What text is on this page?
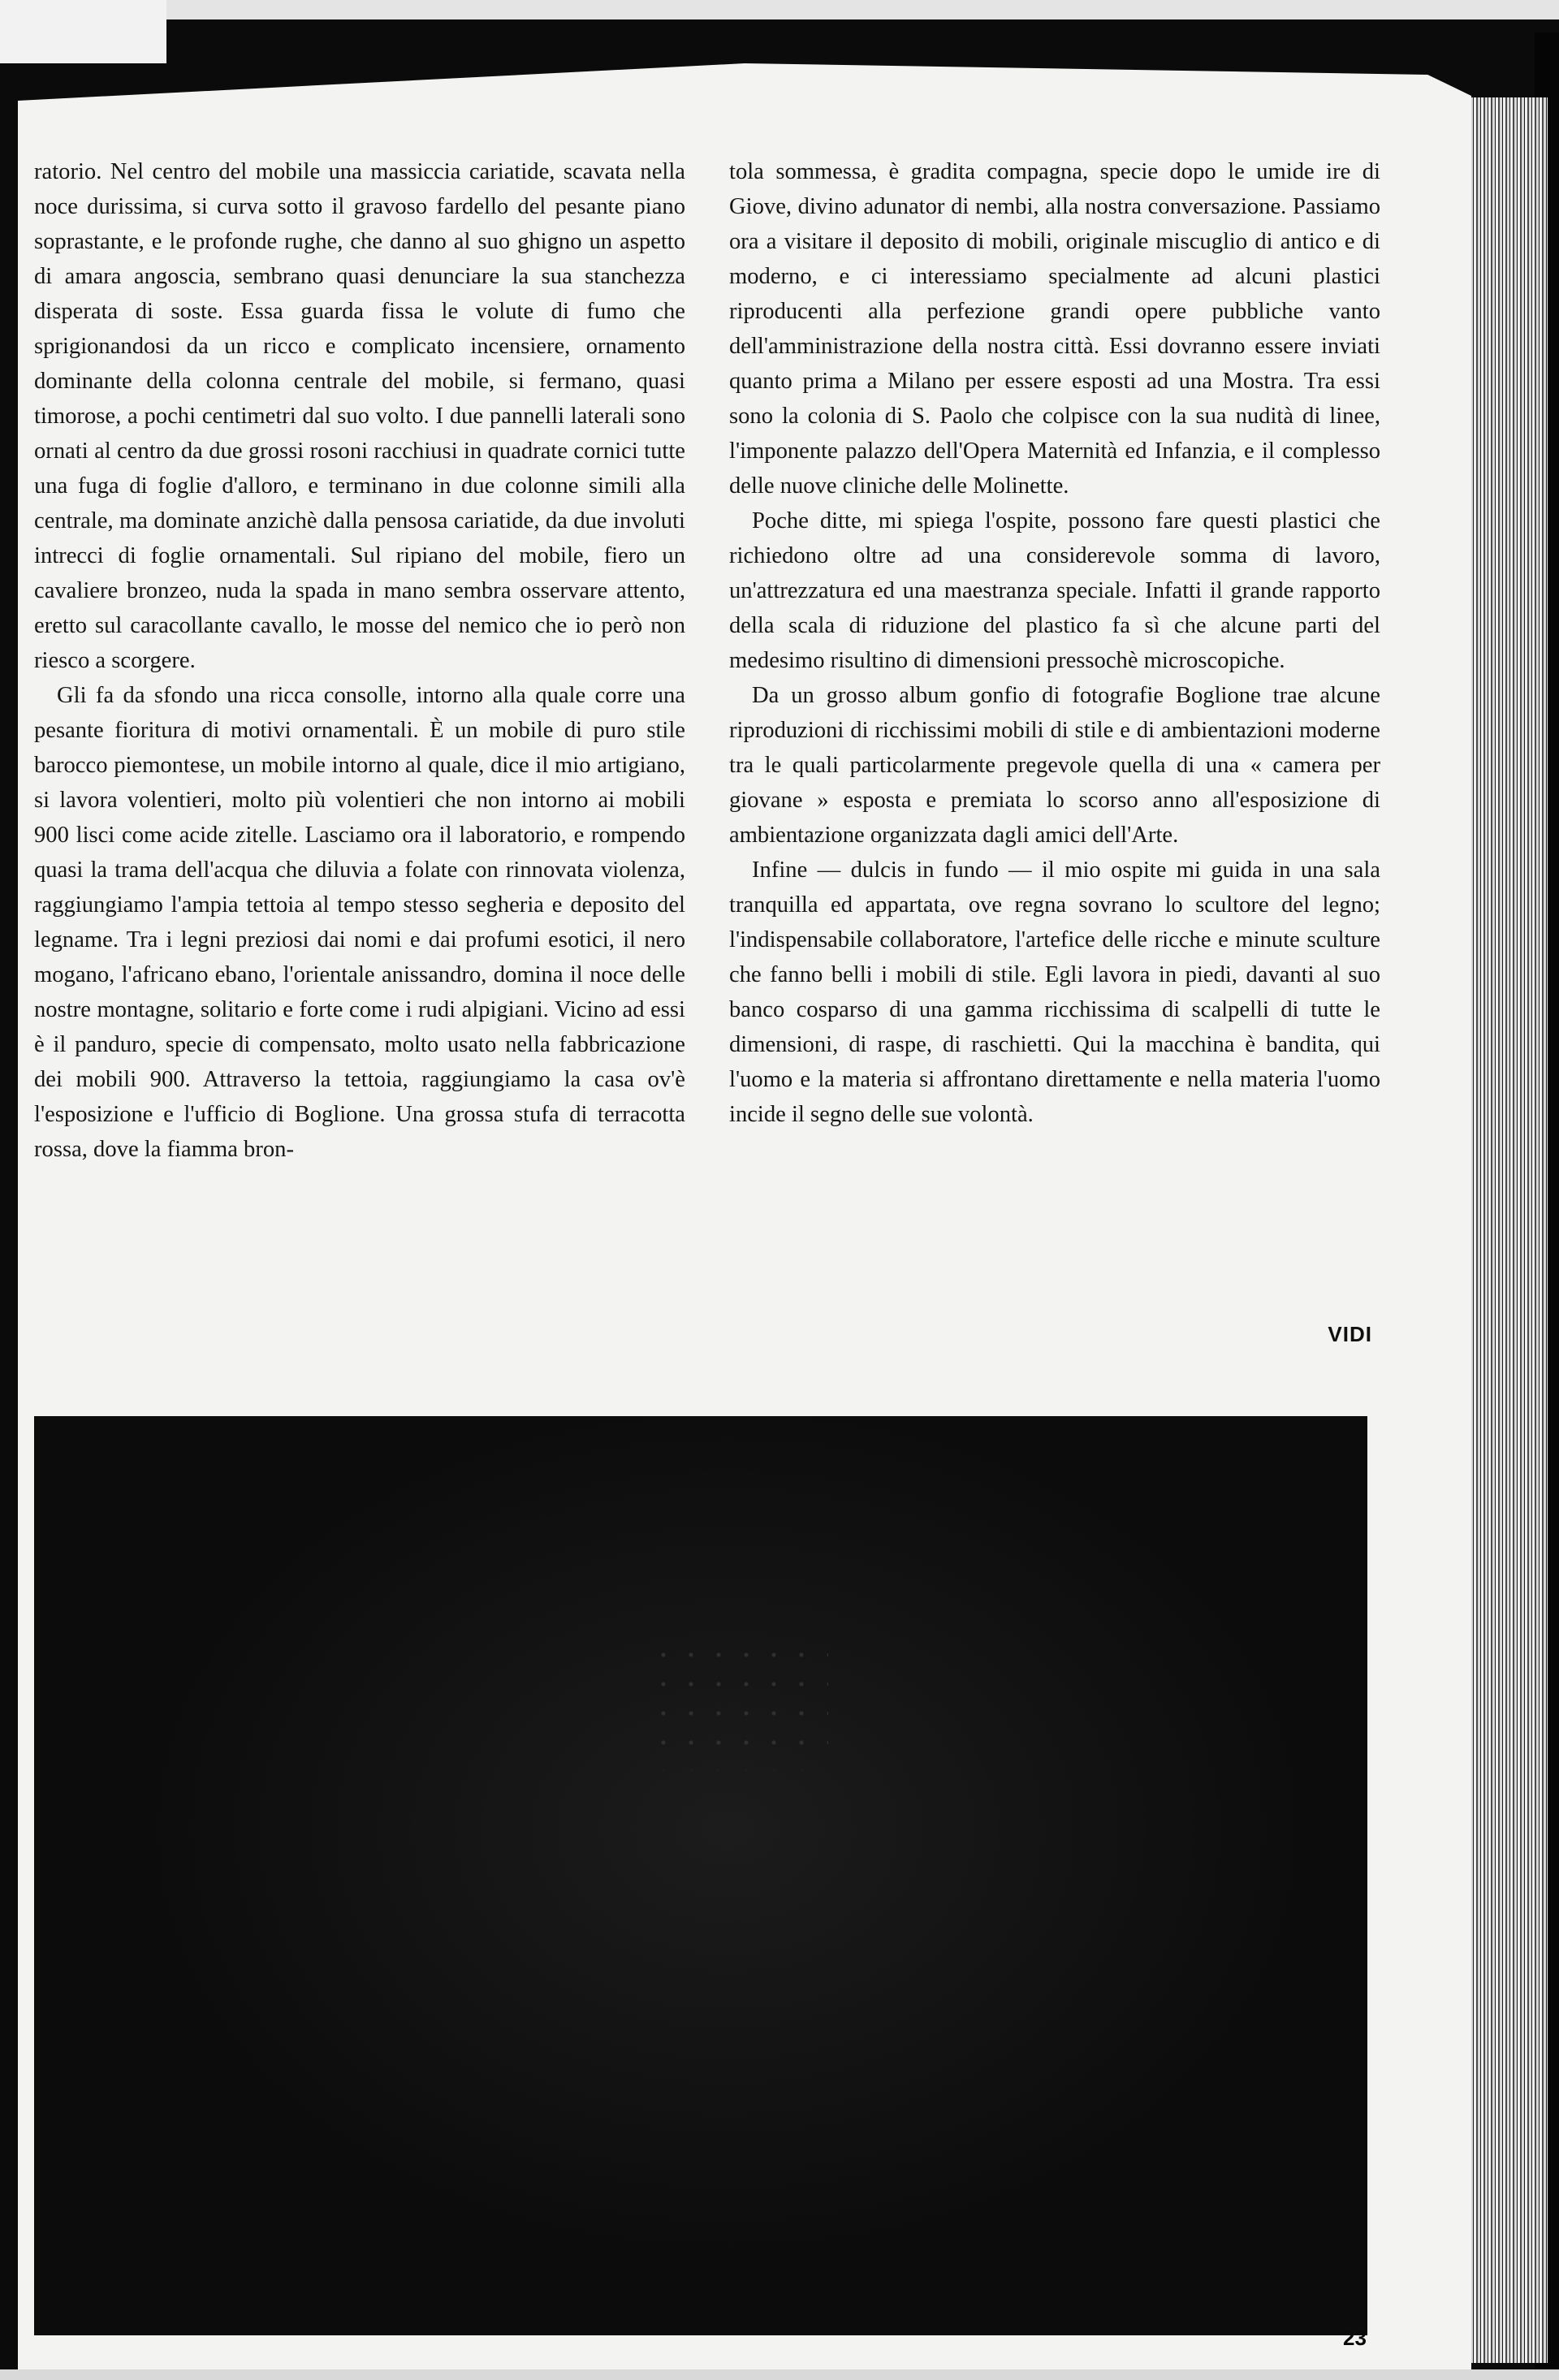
ratorio. Nel centro del mobile una massiccia cariatide, scavata nella noce durissima, si curva sotto il gravoso fardello del pesante piano soprastante, e le profonde rughe, che danno al suo ghigno un aspetto di amara angoscia, sembrano quasi denunciare la sua stanchezza disperata di soste. Essa guarda fissa le volute di fumo che sprigionandosi da un ricco e complicato incensiere, ornamento dominante della colonna centrale del mobile, si fermano, quasi timorose, a pochi centimetri dal suo volto. I due pannelli laterali sono ornati al centro da due grossi rosoni racchiusi in quadrate cornici tutte una fuga di foglie d'alloro, e terminano in due colonne simili alla centrale, ma dominate anzichè dalla pensosa cariatide, da due involuti intrecci di foglie ornamentali. Sul ripiano del mobile, fiero un cavaliere bronzeo, nuda la spada in mano sembra osservare attento, eretto sul caracollante cavallo, le mosse del nemico che io però non riesco a scorgere.

Gli fa da sfondo una ricca consolle, intorno alla quale corre una pesante fioritura di motivi ornamentali. È un mobile di puro stile barocco piemontese, un mobile intorno al quale, dice il mio artigiano, si lavora volentieri, molto più volentieri che non intorno ai mobili 900 lisci come acide zitelle. Lasciamo ora il laboratorio, e rompendo quasi la trama dell'acqua che diluvia a folate con rinnovata violenza, raggiungiamo l'ampia tettoia al tempo stesso segheria e deposito del legname. Tra i legni preziosi dai nomi e dai profumi esotici, il nero mogano, l'africano ebano, l'orientale anissandro, domina il noce delle nostre montagne, solitario e forte come i rudi alpigiani. Vicino ad essi è il panduro, specie di compensato, molto usato nella fabbricazione dei mobili 900. Attraverso la tettoia, raggiungiamo la casa ov'è l'esposizione e l'ufficio di Boglione. Una grossa stufa di terracotta rossa, dove la fiamma bron-

tola sommessa, è gradita compagna, specie dopo le umide ire di Giove, divino adunator di nembi, alla nostra conversazione. Passiamo ora a visitare il deposito di mobili, originale miscuglio di antico e di moderno, e ci interessiamo specialmente ad alcuni plastici riproducenti alla perfezione grandi opere pubbliche vanto dell'amministrazione della nostra città. Essi dovranno essere inviati quanto prima a Milano per essere esposti ad una Mostra. Tra essi sono la colonia di S. Paolo che colpisce con la sua nudità di linee, l'imponente palazzo dell'Opera Maternità ed Infanzia, e il complesso delle nuove cliniche delle Molinette.

Poche ditte, mi spiega l'ospite, possono fare questi plastici che richiedono oltre ad una considerevole somma di lavoro, un'attrezzatura ed una maestranza speciale. Infatti il grande rapporto della scala di riduzione del plastico fa sì che alcune parti del medesimo risultino di dimensioni pressochè microscopiche.

Da un grosso album gonfio di fotografie Boglione trae alcune riproduzioni di ricchissimi mobili di stile e di ambientazioni moderne tra le quali particolarmente pregevole quella di una « camera per giovane » esposta e premiata lo scorso anno all'esposizione di ambientazione organizzata dagli amici dell'Arte.

Infine — dulcis in fundo — il mio ospite mi guida in una sala tranquilla ed appartata, ove regna sovrano lo scultore del legno; l'indispensabile collaboratore, l'artefice delle ricche e minute sculture che fanno belli i mobili di stile. Egli lavora in piedi, davanti al suo banco cosparso di una gamma ricchissima di scalpelli di tutte le dimensioni, di raspe, di raschietti. Qui la macchina è bandita, qui l'uomo e la materia si affrontano direttamente e nella materia l'uomo incide il segno delle sue volontà.

VIDI
23
